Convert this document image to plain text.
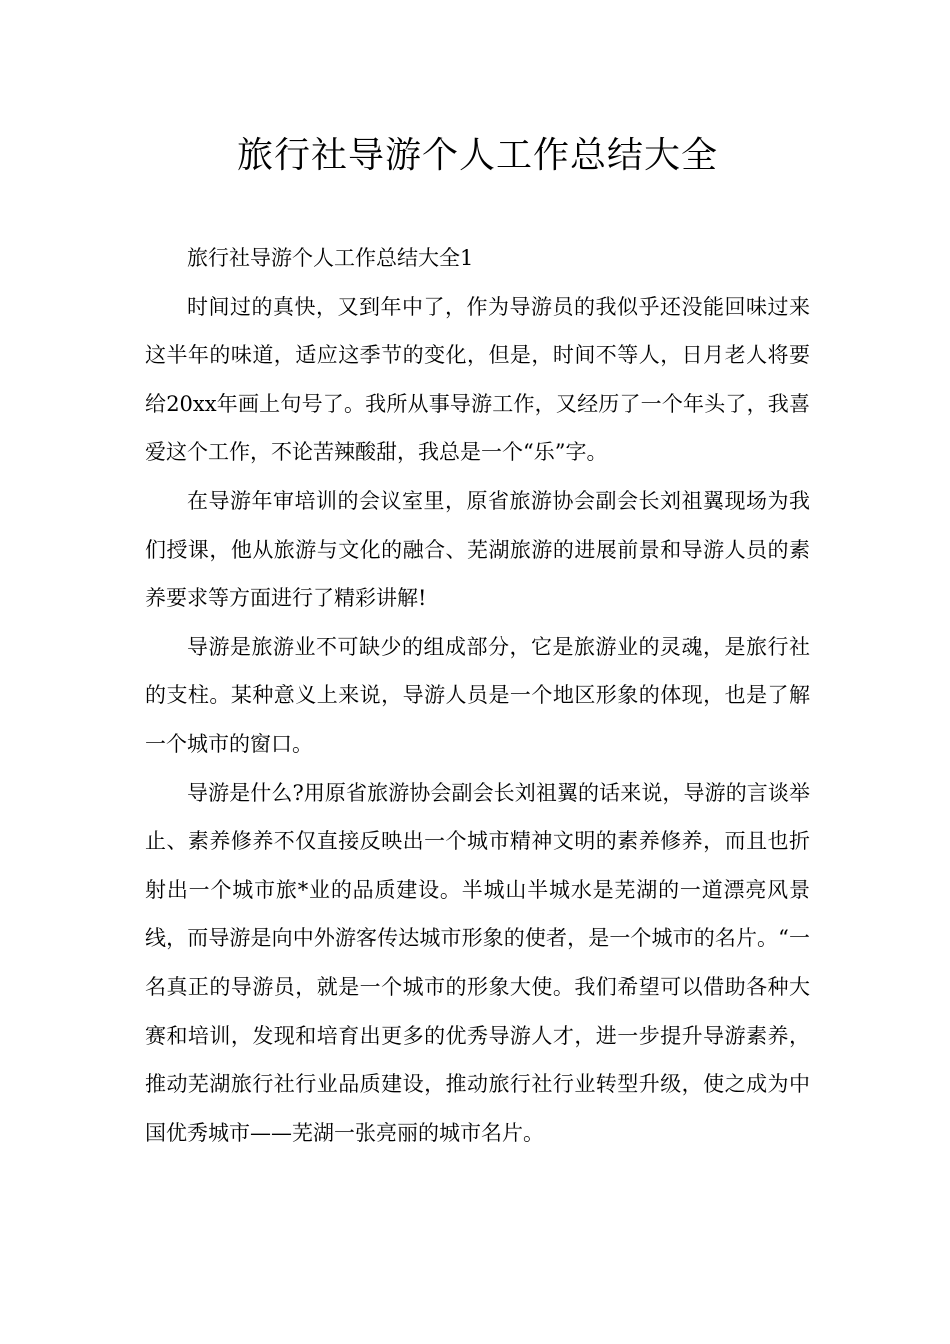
旅行社导游个人工作总结大全

旅行社导游个人工作总结大全1

时间过的真快，又到年中了，作为导游员的我似乎还没能回味过来这半年的味道，适应这季节的变化，但是，时间不等人，日月老人将要给20xx年画上句号了。我所从事导游工作，又经历了一个年头了，我喜爱这个工作，不论苦辣酸甜，我总是一个“乐”字。

在导游年审培训的会议室里，原省旅游协会副会长刘祖翼现场为我们授课，他从旅游与文化的融合、芜湖旅游的进展前景和导游人员的素养要求等方面进行了精彩讲解!

导游是旅游业不可缺少的组成部分，它是旅游业的灵魂，是旅行社的支柱。某种意义上来说，导游人员是一个地区形象的体现，也是了解一个城市的窗口。

导游是什么?用原省旅游协会副会长刘祖翼的话来说，导游的言谈举止、素养修养不仅直接反映出一个城市精神文明的素养修养，而且也折射出一个城市旅*业的品质建设。半城山半城水是芜湖的一道漂亮风景线，而导游是向中外游客传达城市形象的使者，是一个城市的名片。“一名真正的导游员，就是一个城市的形象大使。我们希望可以借助各种大赛和培训，发现和培育出更多的优秀导游人才，进一步提升导游素养，推动芜湖旅行社行业品质建设，推动旅行社行业转型升级，使之成为中国优秀城市——芜湖一张亮丽的城市名片。
